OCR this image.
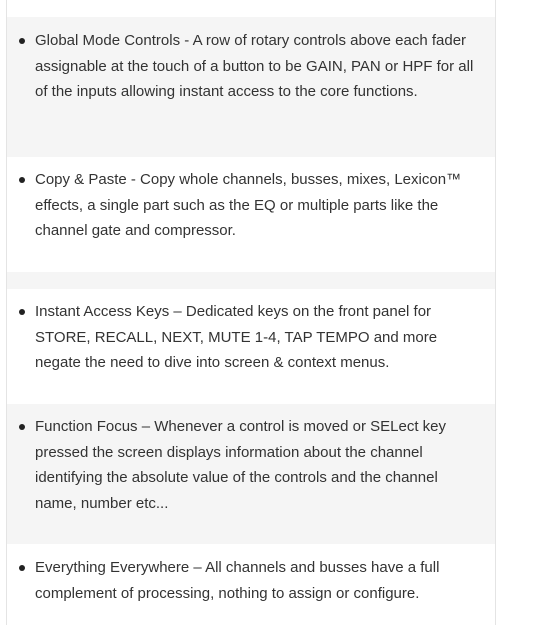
Global Mode Controls - A row of rotary controls above each fader assignable at the touch of a button to be GAIN, PAN or HPF for all of the inputs allowing instant access to the core functions.
Copy & Paste - Copy whole channels, busses, mixes, Lexicon™ effects, a single part such as the EQ or multiple parts like the channel gate and compressor.
Instant Access Keys – Dedicated keys on the front panel for STORE, RECALL, NEXT, MUTE 1-4, TAP TEMPO and more negate the need to dive into screen & context menus.
Function Focus – Whenever a control is moved or SELect key pressed the screen displays information about the channel identifying the absolute value of the controls and the channel name, number etc...
Everything Everywhere – All channels and busses have a full complement of processing, nothing to assign or configure.
